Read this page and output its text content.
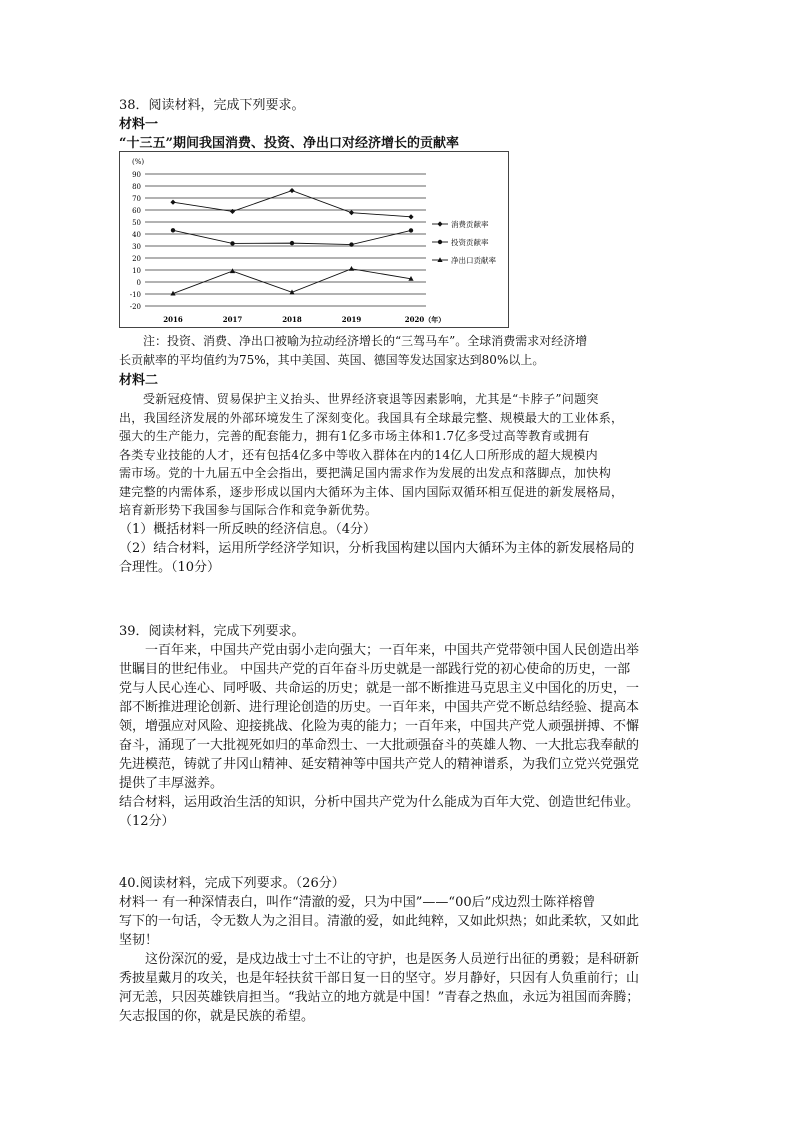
38．阅读材料，完成下列要求。

材料一

“十三五”期间我国消费、投资、净出口对经济增长的贡献率

-20
-10
0
10
20
30
40
50
60
70
80
90
(%)
2016	2017	2018	2019	2020（年）
消费贡献率
投资贡献率
净出口贡献率

注：投资、消费、净出口被喻为拉动经济增长的“三驾马车”。全球消费需求对经济增

长贡献率的平均值约为75%，其中美国、英国、德国等发达国家达到80%以上。

材料二

受新冠疫情、贸易保护主义抬头、世界经济衰退等因素影响，尤其是“卡脖子”问题突

出，我国经济发展的外部环境发生了深刻变化。我国具有全球最完整、规模最大的工业体系，

强大的生产能力，完善的配套能力，拥有1亿多市场主体和1.7亿多受过高等教育或拥有

各类专业技能的人才，还有包括4亿多中等收入群体在内的14亿人口所形成的超大规模内

需市场。党的十九届五中全会指出，要把满足国内需求作为发展的出发点和落脚点，加快构

建完整的内需体系，逐步形成以国内大循环为主体、国内国际双循环相互促进的新发展格局，

培育新形势下我国参与国际合作和竞争新优势。

（1）概括材料一所反映的经济信息。（4分）

（2）结合材料，运用所学经济学知识，分析我国构建以国内大循环为主体的新发展格局的

合理性。（10分）

39．阅读材料，完成下列要求。

一百年来，中国共产党由弱小走向强大；一百年来，中国共产党带领中国人民创造出举

世瞩目的世纪伟业。 中国共产党的百年奋斗历史就是一部践行党的初心使命的历史，一部

党与人民心连心、同呼吸、共命运的历史；就是一部不断推进马克思主义中国化的历史，一

部不断推进理论创新、进行理论创造的历史。一百年来，中国共产党不断总结经验、提高本

领，增强应对风险、迎接挑战、化险为夷的能力；一百年来，中国共产党人顽强拼搏、不懈

奋斗，涌现了一大批视死如归的革命烈士、一大批顽强奋斗的英雄人物、一大批忘我奉献的

先进模范，铸就了井冈山精神、延安精神等中国共产党人的精神谱系，为我们立党兴党强党

提供了丰厚滋养。

结合材料，运用政治生活的知识，分析中国共产党为什么能成为百年大党、创造世纪伟业。

（12分）

40.阅读材料，完成下列要求。（26分）

材料一 有一种深情表白，叫作“清澈的爱，只为中国”——“00后”戍边烈士陈祥榕曾

写下的一句话，令无数人为之泪目。清澈的爱，如此纯粹，又如此炽热；如此柔软，又如此

坚韧！

这份深沉的爱，是戍边战士寸土不让的守护，也是医务人员逆行出征的勇毅；是科研新

秀披星戴月的攻关，也是年轻扶贫干部日复一日的坚守。岁月静好，只因有人负重前行；山

河无恙，只因英雄铁肩担当。“我站立的地方就是中国！”青春之热血，永远为祖国而奔腾；

矢志报国的你，就是民族的希望。
